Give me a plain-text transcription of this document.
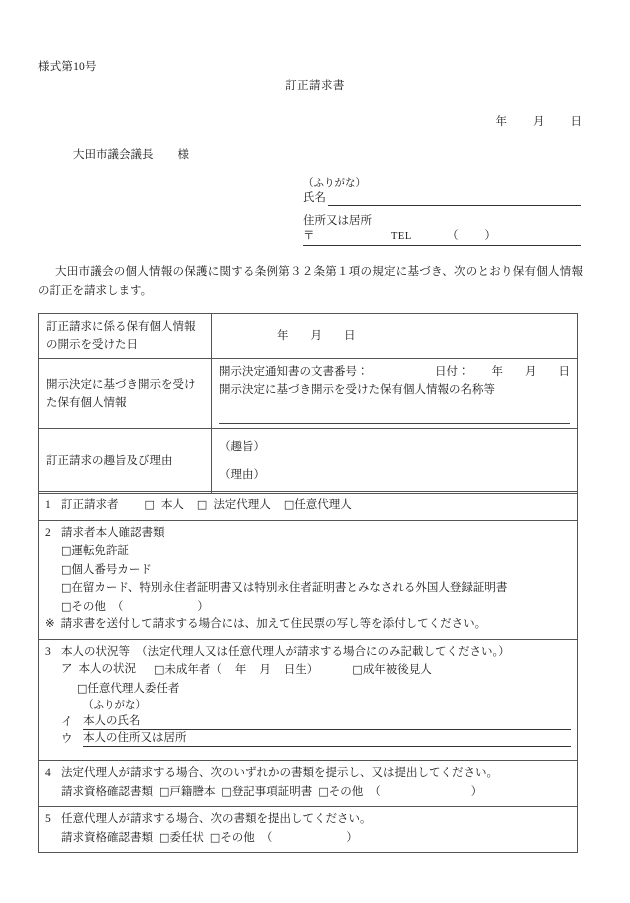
様式第10号
訂正請求書
年 月 日
大田市議会議長 様
（ふりがな）
氏名
住所又は居所
〒	TEL	（ ）
大田市議会の個人情報の保護に関する条例第３２条第１項の規定に基づき、次のとおり保有個人情報の訂正を請求します。
訂正請求に係る保有個人情報の開示を受けた日	年 月 日
開示決定に基づき開示を受けた保有個人情報	開示決定通知書の文書番号： 日付： 年 月 日
開示決定に基づき開示を受けた保有個人情報の名称等

訂正請求の趣旨及び理由	（趣旨）
（理由）
1 訂正請求者 □ 本人 □ 法定代理人 □任意代理人

2 請求者本人確認書類
□運転免許証
□個人番号カード
□在留カード、特別永住者証明書又は特別永住者証明書とみなされる外国人登録証明書
□その他 （	）
※ 請求書を送付して請求する場合には、加えて住民票の写し等を添付してください。

3 本人の状況等 （法定代理人又は任意代理人が請求する場合にのみ記載してください。）
ア 本人の状況 □未成年者（ 年 月 日生）	□成年被後見人
□任意代理人委任者
（ふりがな）
イ 本人の氏名
ウ 本人の住所又は居所

4 法定代理人が請求する場合、次のいずれかの書類を提示し、又は提出してください。
請求資格確認書類 □戸籍謄本 □登記事項証明書 □その他 （	）

5 任意代理人が請求する場合、次の書類を提出してください。
請求資格確認書類 □委任状 □その他 （	）
